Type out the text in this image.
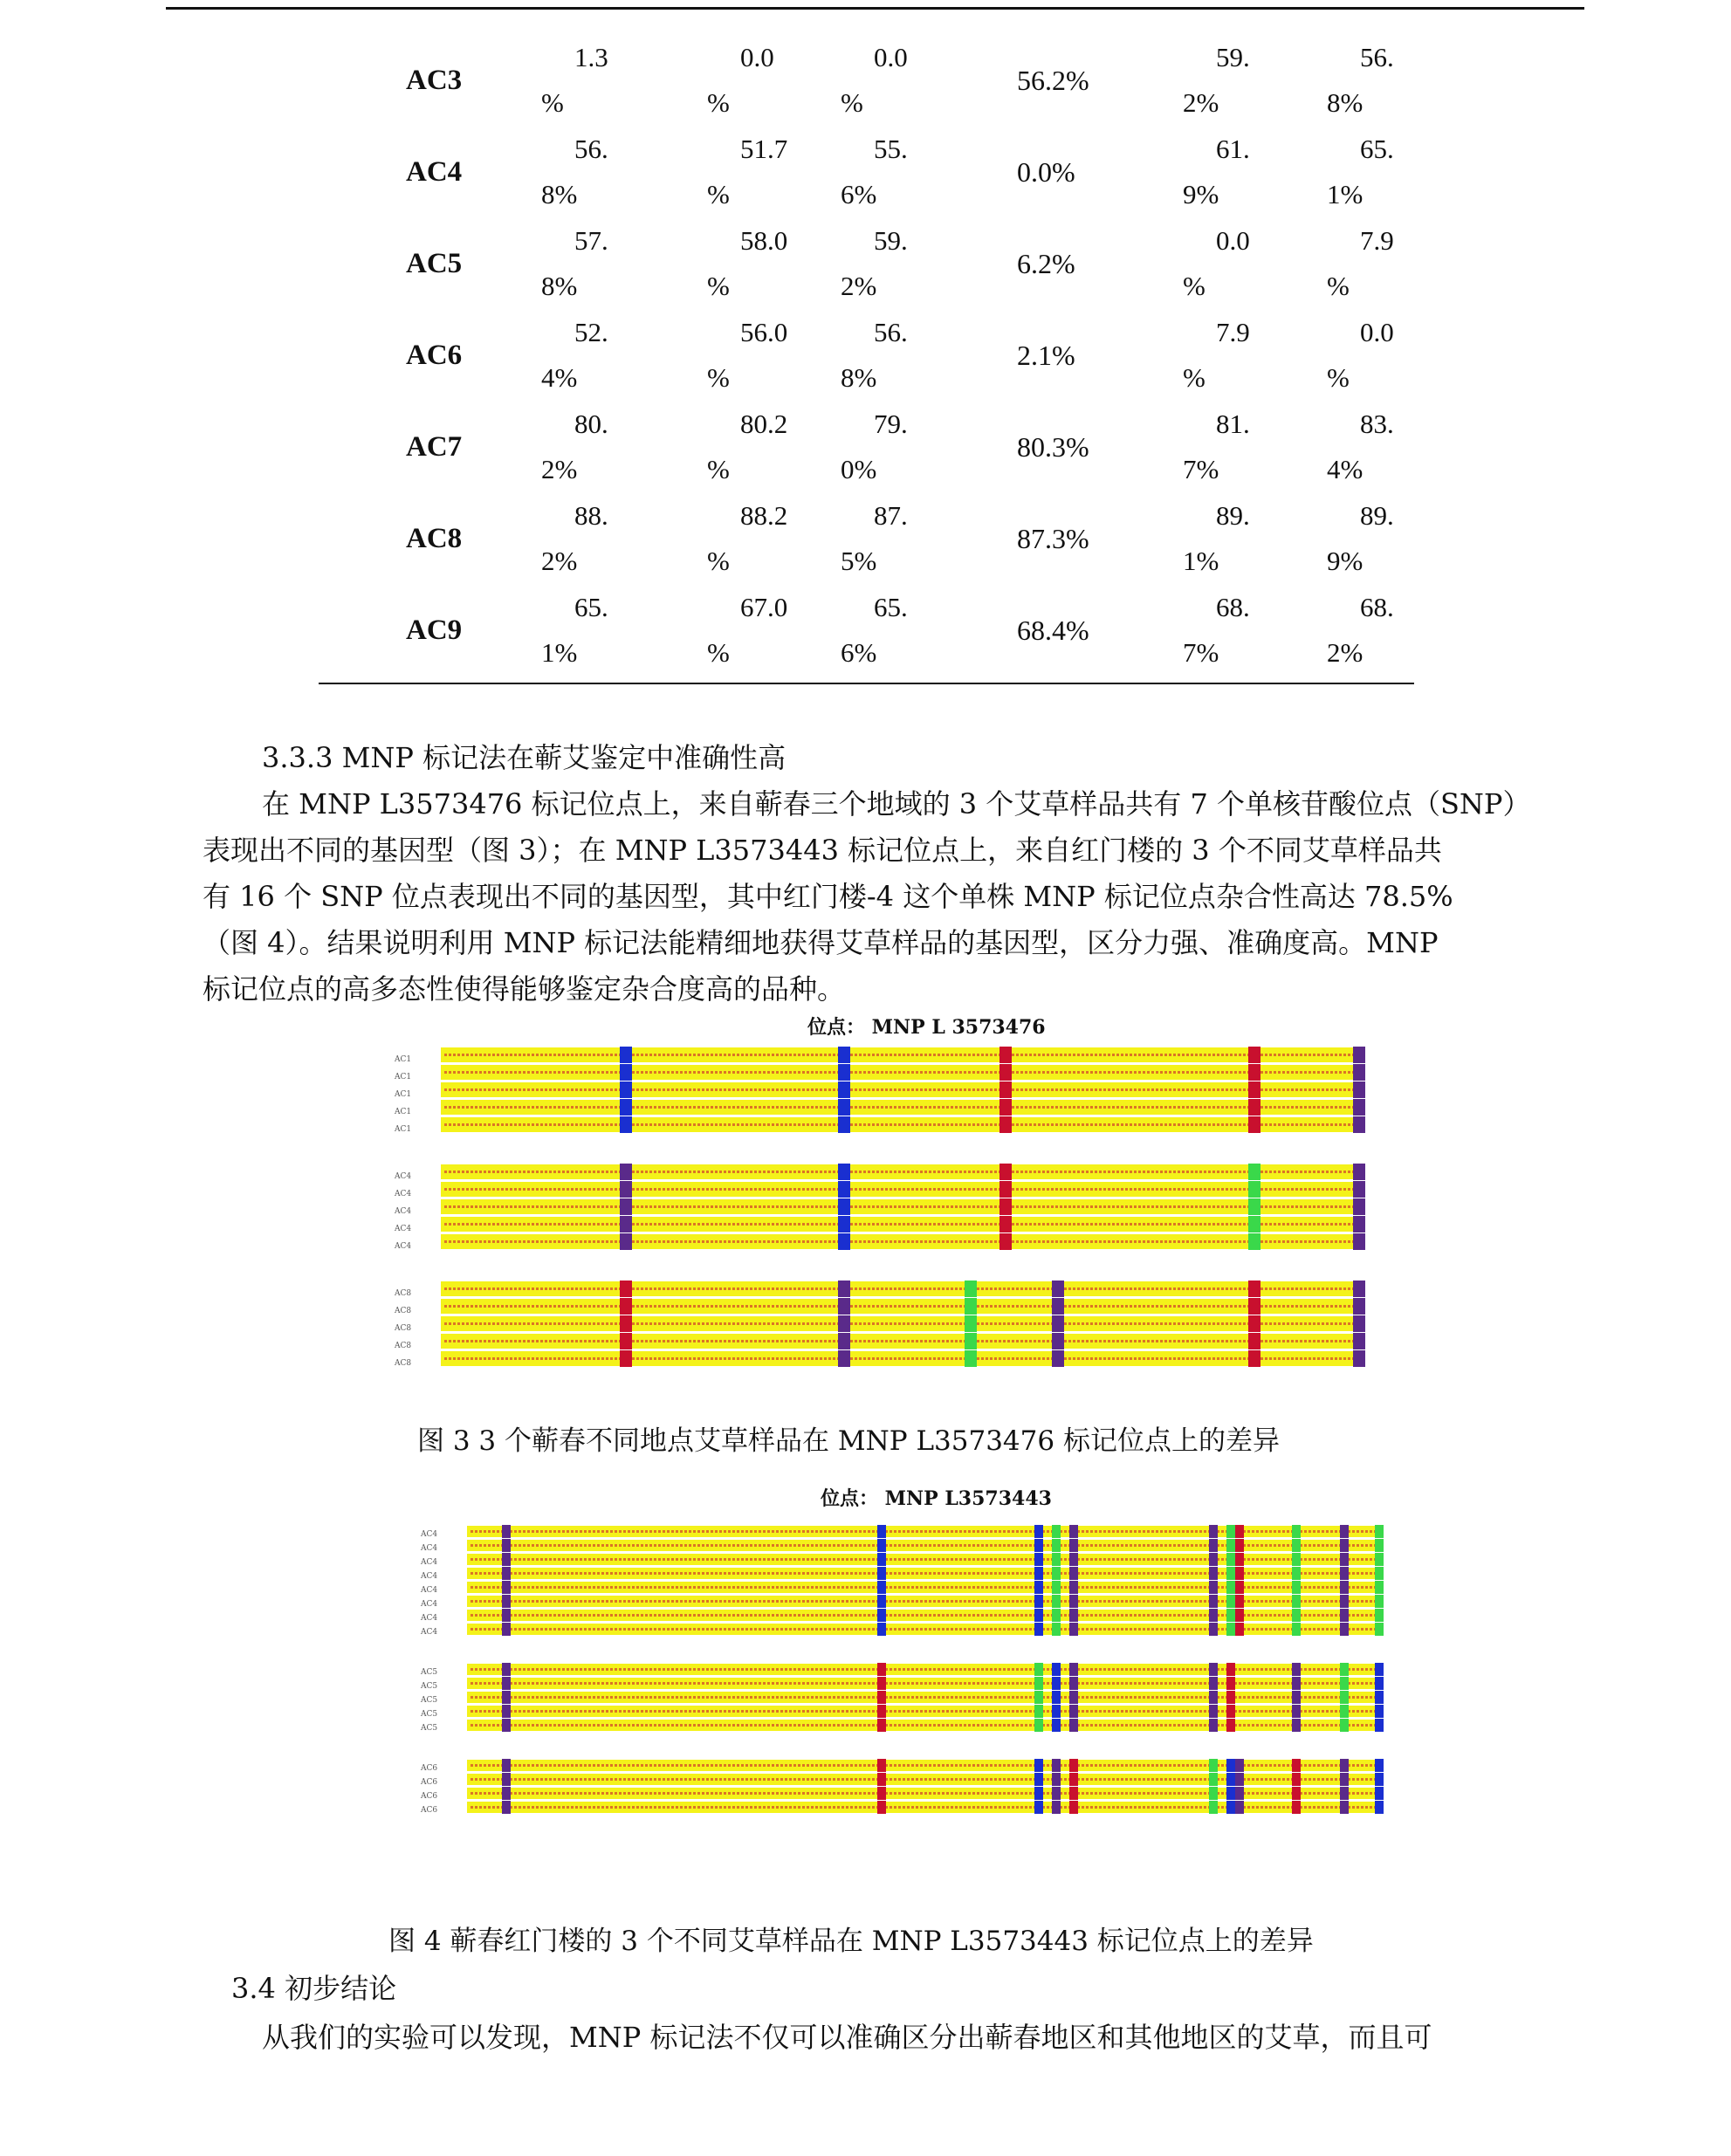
AC3
1.3
%
0.0
%
0.0
%
59.
2%
56.
8%
56.2%
AC4
56.
8%
51.7
%
55.
6%
61.
9%
65.
1%
0.0%
AC5
57.
8%
58.0
%
59.
2%
0.0
%
7.9
%
6.2%
AC6
52.
4%
56.0
%
56.
8%
7.9
%
0.0
%
2.1%
AC7
80.
2%
80.2
%
79.
0%
81.
7%
83.
4%
80.3%
AC8
88.
2%
88.2
%
87.
5%
89.
1%
89.
9%
87.3%
AC9
65.
1%
67.0
%
65.
6%
68.
7%
68.
2%
68.4%
3.3.3 MNP 标记法在蕲艾鉴定中准确性高
在 MNP L3573476 标记位点上，来自蕲春三个地域的 3 个艾草样品共有 7 个单核苷酸位点（SNP）
表现出不同的基因型（图 3）；在 MNP L3573443 标记位点上，来自红门楼的 3 个不同艾草样品共
有 16 个 SNP 位点表现出不同的基因型，其中红门楼-4 这个单株 MNP 标记位点杂合性高达 78.5%
（图 4）。结果说明利用 MNP 标记法能精细地获得艾草样品的基因型，区分力强、准确度高。MNP
标记位点的高多态性使得能够鉴定杂合度高的品种。
位点： MNP L 3573476
AC1
AC1
AC1
AC1
AC1
AC4
AC4
AC4
AC4
AC4
AC8
AC8
AC8
AC8
AC8
图 3 3 个蕲春不同地点艾草样品在 MNP L3573476 标记位点上的差异
位点： MNP L3573443
AC4
AC4
AC4
AC4
AC4
AC4
AC4
AC4
AC5
AC5
AC5
AC5
AC5
AC6
AC6
AC6
AC6
图 4 蕲春红门楼的 3 个不同艾草样品在 MNP L3573443 标记位点上的差异
3.4 初步结论
从我们的实验可以发现，MNP 标记法不仅可以准确区分出蕲春地区和其他地区的艾草，而且可
